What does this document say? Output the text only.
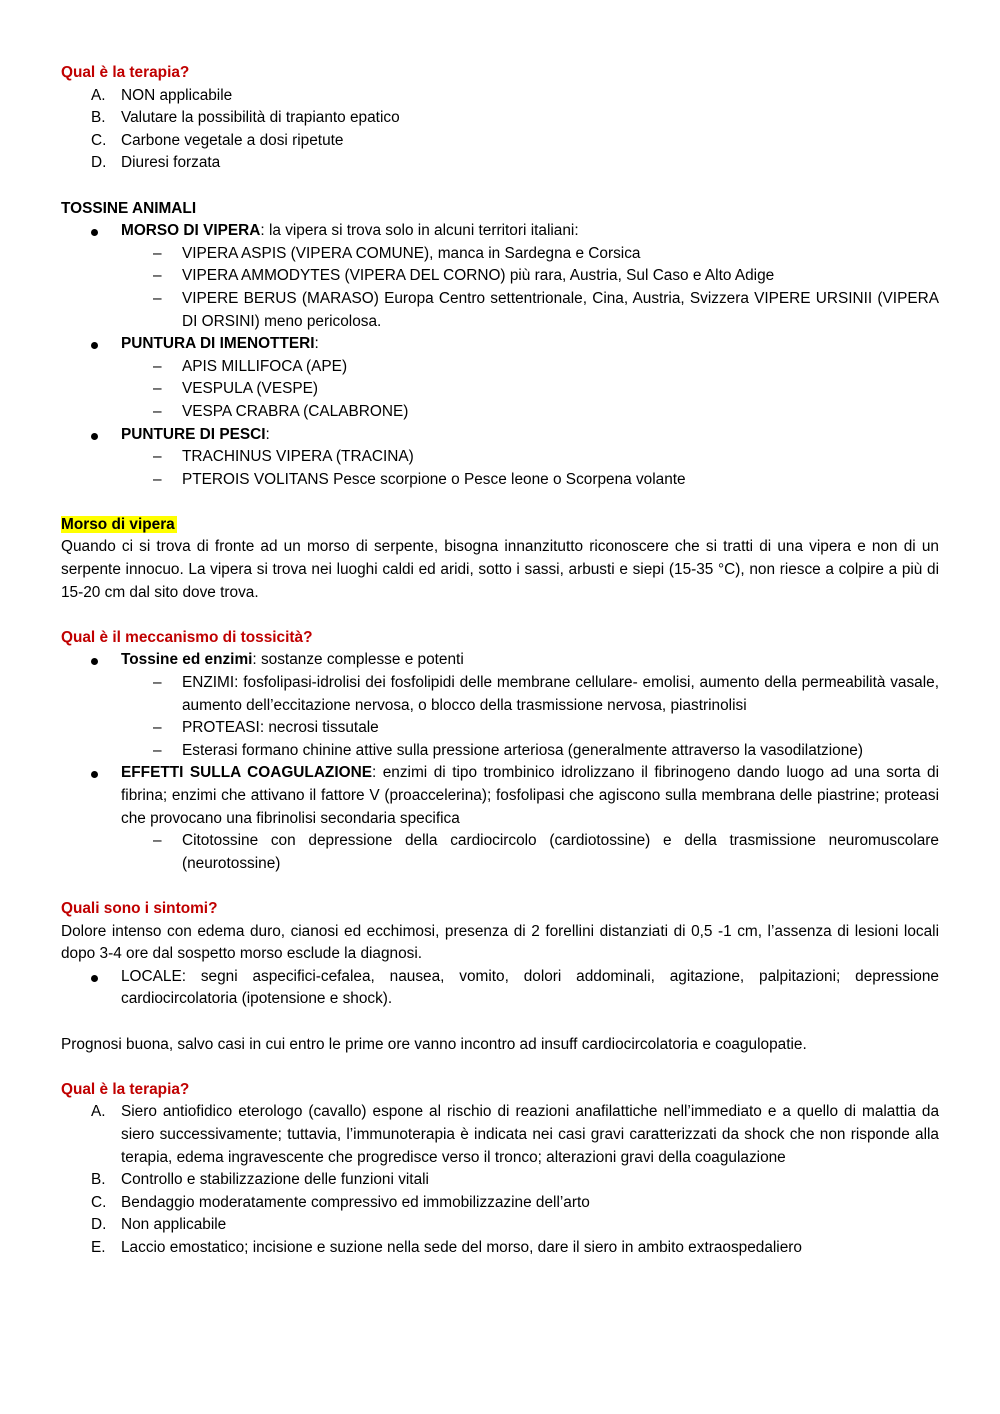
Qual è la terapia?
A. NON applicabile
B. Valutare la possibilità di trapianto epatico
C. Carbone vegetale a dosi ripetute
D. Diuresi forzata
TOSSINE ANIMALI
MORSO DI VIPERA: la vipera si trova solo in alcuni territori italiani:
– VIPERA ASPIS (VIPERA COMUNE), manca in Sardegna e Corsica
– VIPERA AMMODYTES (VIPERA DEL CORNO) più rara, Austria, Sul Caso e Alto Adige
– VIPERE BERUS (MARASO) Europa Centro settentrionale, Cina, Austria, Svizzera VIPERE URSINII (VIPERA DI ORSINI) meno pericolosa.
PUNTURA DI IMENOTTERI:
– APIS MILLIFOCA (APE)
– VESPULA (VESPE)
– VESPA CRABRA (CALABRONE)
PUNTURE DI PESCI:
– TRACHINUS VIPERA (TRACINA)
– PTEROIS VOLITANS Pesce scorpione o Pesce leone o Scorpena volante
Morso di vipera

Quando ci si trova di fronte ad un morso di serpente, bisogna innanzitutto riconoscere che si tratti di una vipera e non di un serpente innocuo. La vipera si trova nei luoghi caldi ed aridi, sotto i sassi, arbusti e siepi (15-35 °C), non riesce a colpire a più di 15-20 cm dal sito dove trova.

Qual è il meccanismo di tossicità?
Tossine ed enzimi: sostanze complesse e potenti
– ENZIMI: fosfolipasi-idrolisi dei fosfolipidi delle membrane cellulare- emolisi, aumento della permeabilità vasale, aumento dell’eccitazione nervosa, o blocco della trasmissione nervosa, piastrinolisi
– PROTEASI: necrosi tissutale
– Esterasi formano chinine attive sulla pressione arteriosa (generalmente attraverso la vasodilatzione)
EFFETTI SULLA COAGULAZIONE: enzimi di tipo trombinico idrolizzano il fibrinogeno dando luogo ad una sorta di fibrina; enzimi che attivano il fattore V (proaccelerina); fosfolipasi che agiscono sulla membrana delle piastrine; proteasi che provocano una fibrinolisi secondaria specifica
– Citotossine con depressione della cardiocircolo (cardiotossine) e della trasmissione neuromuscolare (neurotossine)
Quali sono i sintomi?

Dolore intenso con edema duro, cianosi ed ecchimosi, presenza di 2 forellini distanziati di 0,5 -1 cm, l’assenza di lesioni locali dopo 3-4 ore dal sospetto morso esclude la diagnosi.

LOCALE: segni aspecifici-cefalea, nausea, vomito, dolori addominali, agitazione, palpitazioni; depressione cardiocircolatoria (ipotensione e shock).

Prognosi buona, salvo casi in cui entro le prime ore vanno incontro ad insuff cardiocircolatoria e coagulopatie.

Qual è la terapia?
A. Siero antiofidico eterologo (cavallo) espone al rischio di reazioni anafilattiche nell’immediato e a quello di malattia da siero successivamente; tuttavia, l’immunoterapia è indicata nei casi gravi caratterizzati da shock che non risponde alla terapia, edema ingravescente che progredisce verso il tronco; alterazioni gravi della coagulazione
B. Controllo e stabilizzazione delle funzioni vitali
C. Bendaggio moderatamente compressivo ed immobilizzazine dell’arto
D. Non applicabile
E. Laccio emostatico; incisione e suzione nella sede del morso, dare il siero in ambito extraospedaliero
